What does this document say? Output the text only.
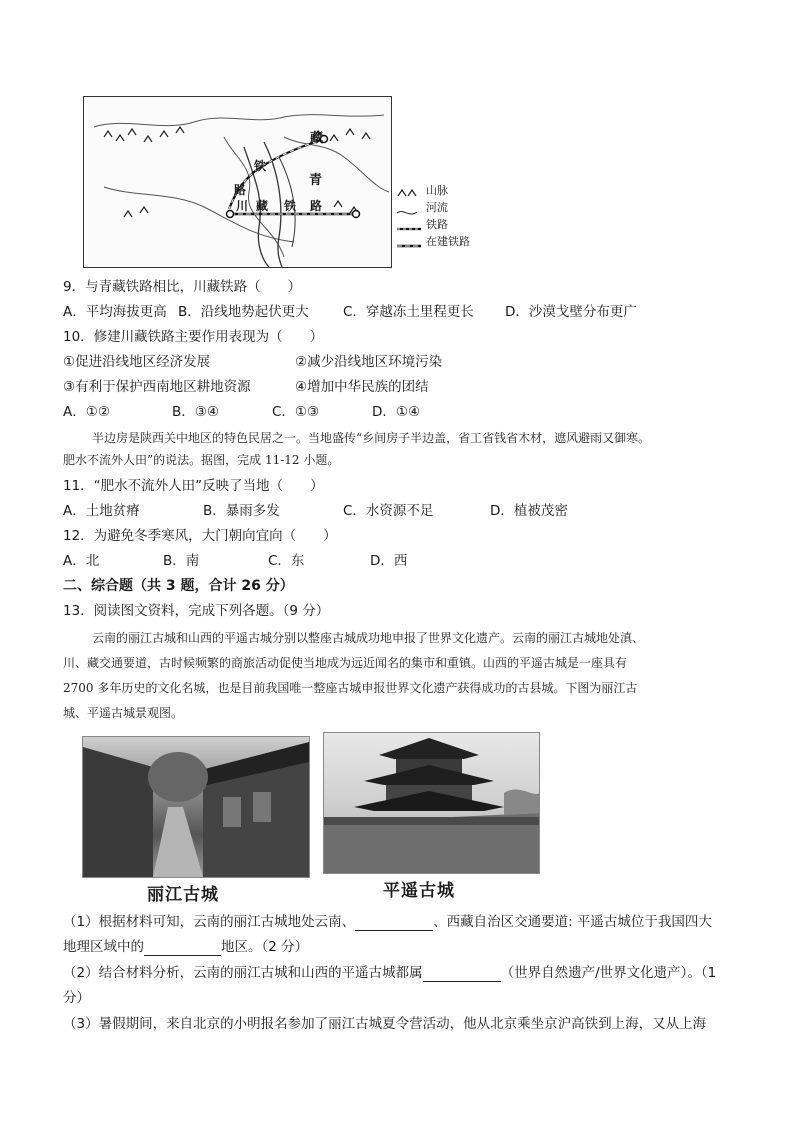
藏
铁
青
路
川 藏 铁 路
山脉
河流
铁路
在建铁路
9．与青藏铁路相比，川藏铁路（　　）
A．平均海拔更高 B．沿线地势起伏更大	C．穿越冻土里程更长 D．沙漠戈壁分布更广
10．修建川藏铁路主要作用表现为（　　）
①促进沿线地区经济发展	②减少沿线地区环境污染
③有利于保护西南地区耕地资源	④增加中华民族的团结
A．①②	B．③④	C．①③	D．①④
半边房是陕西关中地区的特色民居之一。当地盛传“乡间房子半边盖，省工省钱省木材，遮风避雨又御寒。
肥水不流外人田”的说法。据图，完成 11-12 小题。
11．“肥水不流外人田”反映了当地（　　）
A．土地贫瘠	B．暴雨多发	C．水资源不足	D．植被茂密
12．为避免冬季寒风，大门朝向宜向（　　）
A．北	B．南	C．东	D．西
二、综合题（共 3 题，合计 26 分）
13．阅读图文资料，完成下列各题。（9 分）
云南的丽江古城和山西的平遥古城分别以整座古城成功地申报了世界文化遗产。云南的丽江古城地处滇、
川、藏交通要道，古时候频繁的商旅活动促使当地成为远近闻名的集市和重镇。山西的平遥古城是一座具有
2700 多年历史的文化名城，也是目前我国唯一整座古城申报世界文化遗产获得成功的古县城。下图为丽江古
城、平遥古城景观图。
丽江古城	平遥古城
（1）根据材料可知，云南的丽江古城地处云南、	、西藏自治区交通要道: 平遥古城位于我国四大
地理区域中的	地区。（2 分）
（2）结合材料分析，云南的丽江古城和山西的平遥古城都属	（世界自然遗产/世界文化遗产）。（1
分）
（3）暑假期间，来自北京的小明报名参加了丽江古城夏令营活动，他从北京乘坐京沪高铁到上海，又从上海
